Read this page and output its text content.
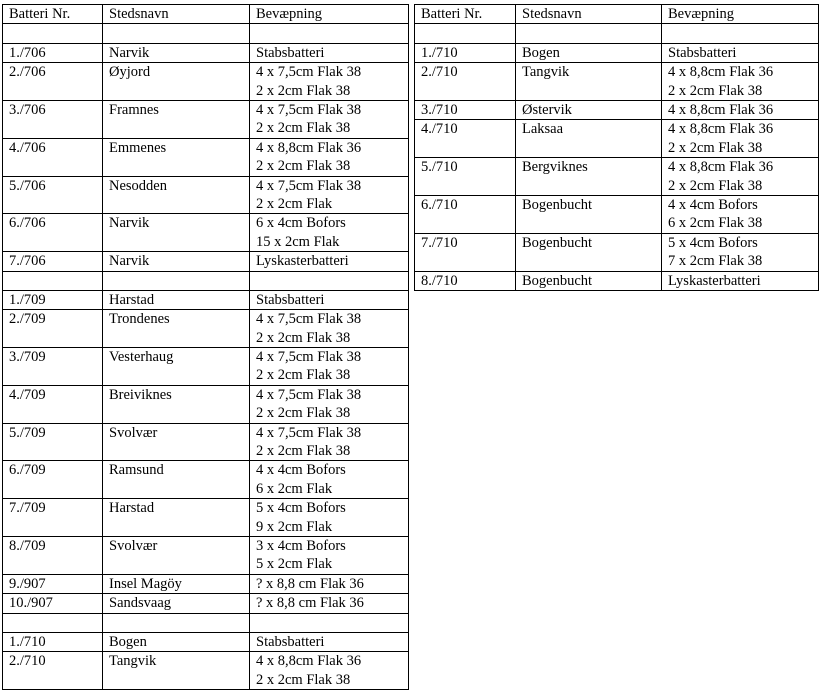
Batteri Nr.	Stedsnavn	Bevæpning

1./706	Narvik	Stabsbatteri

2./706	Øyjord	4 x 7,5cm Flak 38
2 x 2cm Flak 38

3./706	Framnes	4 x 7,5cm Flak 38
2 x 2cm Flak 38

4./706	Emmenes	4 x 8,8cm Flak 36
2 x 2cm Flak 38

5./706	Nesodden	4 x 7,5cm Flak 38
2 x 2cm Flak

6./706	Narvik	6 x 4cm Bofors
15 x 2cm Flak

7./706	Narvik	Lyskasterbatteri

1./709	Harstad	Stabsbatteri

2./709	Trondenes	4 x 7,5cm Flak 38
2 x 2cm Flak 38

3./709	Vesterhaug	4 x 7,5cm Flak 38
2 x 2cm Flak 38

4./709	Breiviknes	4 x 7,5cm Flak 38
2 x 2cm Flak 38

5./709	Svolvær	4 x 7,5cm Flak 38
2 x 2cm Flak 38

6./709	Ramsund	4 x 4cm Bofors
6 x 2cm Flak

7./709	Harstad	5 x 4cm Bofors
9 x 2cm Flak

8./709	Svolvær	3 x 4cm Bofors
5 x 2cm Flak

9./907	Insel Magöy	? x 8,8 cm Flak 36

10./907	Sandsvaag	? x 8,8 cm Flak 36

1./710	Bogen	Stabsbatteri

2./710	Tangvik	4 x 8,8cm Flak 36
2 x 2cm Flak 38
Batteri Nr.	Stedsnavn	Bevæpning

1./710	Bogen	Stabsbatteri

2./710	Tangvik	4 x 8,8cm Flak 36
2 x 2cm Flak 38

3./710	Østervik	4 x 8,8cm Flak 36

4./710	Laksaa	4 x 8,8cm Flak 36
2 x 2cm Flak 38

5./710	Bergviknes	4 x 8,8cm Flak 36
2 x 2cm Flak 38

6./710	Bogenbucht	4 x 4cm Bofors
6 x 2cm Flak 38

7./710	Bogenbucht	5 x 4cm Bofors
7 x 2cm Flak 38

8./710	Bogenbucht	Lyskasterbatteri
